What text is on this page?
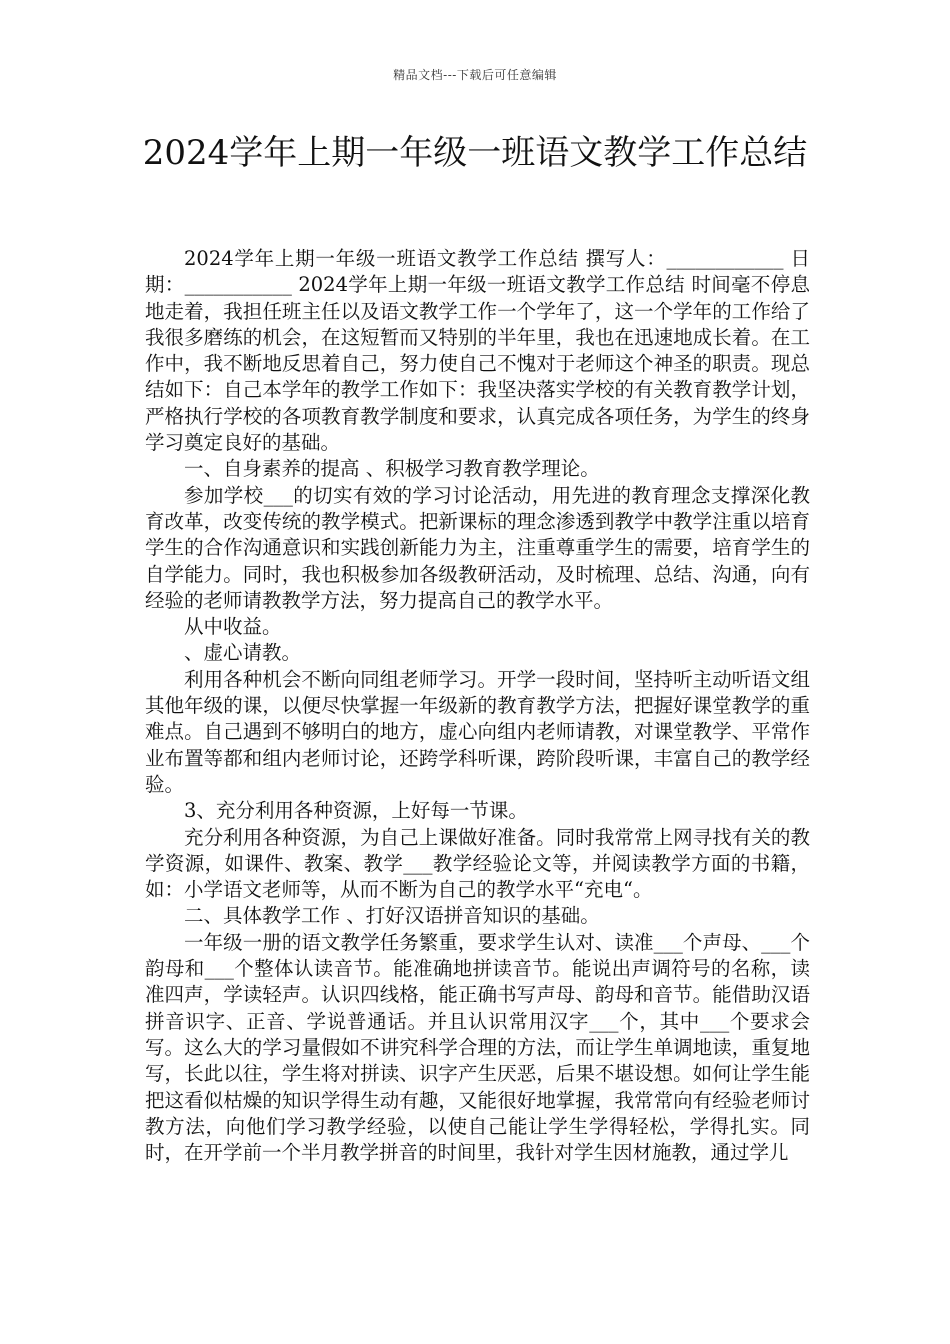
精品文档---下载后可任意编辑
2024学年上期一年级一班语文教学工作总结

2024学年上期一年级一班语文教学工作总结 撰写人：____________ 日 期：___________ 2024学年上期一年级一班语文教学工作总结 时间毫不停息地走着，我担任班主任以及语文教学工作一个学年了，这一个学年的工作给了我很多磨练的机会，在这短暂而又特别的半年里，我也在迅速地成长着。在工作中，我不断地反思着自己，努力使自己不愧对于老师这个神圣的职责。现总结如下：自己本学年的教学工作如下：我坚决落实学校的有关教育教学计划，严格执行学校的各项教育教学制度和要求，认真完成各项任务，为学生的终身学习奠定良好的基础。

一、自身素养的提高 、积极学习教育教学理论。

参加学校___的切实有效的学习讨论活动，用先进的教育理念支撑深化教育改革，改变传统的教学模式。把新课标的理念渗透到教学中教学注重以培育学生的合作沟通意识和实践创新能力为主，注重尊重学生的需要，培育学生的自学能力。同时，我也积极参加各级教研活动，及时梳理、总结、沟通，向有经验的老师请教教学方法，努力提高自己的教学水平。

从中收益。

、虚心请教。

利用各种机会不断向同组老师学习。开学一段时间，坚持听主动听语文组其他年级的课，以便尽快掌握一年级新的教育教学方法，把握好课堂教学的重难点。自己遇到不够明白的地方，虚心向组内老师请教，对课堂教学、平常作业布置等都和组内老师讨论，还跨学科听课，跨阶段听课，丰富自己的教学经验。

3、充分利用各种资源，上好每一节课。

充分利用各种资源，为自己上课做好准备。同时我常常上网寻找有关的教学资源，如课件、教案、教学___教学经验论文等，并阅读教学方面的书籍，如：小学语文老师等，从而不断为自己的教学水平“充电“。

二、具体教学工作 、打好汉语拼音知识的基础。

一年级一册的语文教学任务繁重，要求学生认对、读准___个声母、___个韵母和___个整体认读音节。能准确地拼读音节。能说出声调符号的名称，读准四声，学读轻声。认识四线格，能正确书写声母、韵母和音节。能借助汉语拼音识字、正音、学说普通话。并且认识常用汉字___个，其中___个要求会写。这么大的学习量假如不讲究科学合理的方法，而让学生单调地读，重复地写，长此以往，学生将对拼读、识字产生厌恶，后果不堪设想。如何让学生能把这看似枯燥的知识学得生动有趣，又能很好地掌握，我常常向有经验老师讨教方法，向他们学习教学经验，以使自己能让学生学得轻松，学得扎实。同时，在开学前一个半月教学拼音的时间里，我针对学生因材施教，通过学儿
